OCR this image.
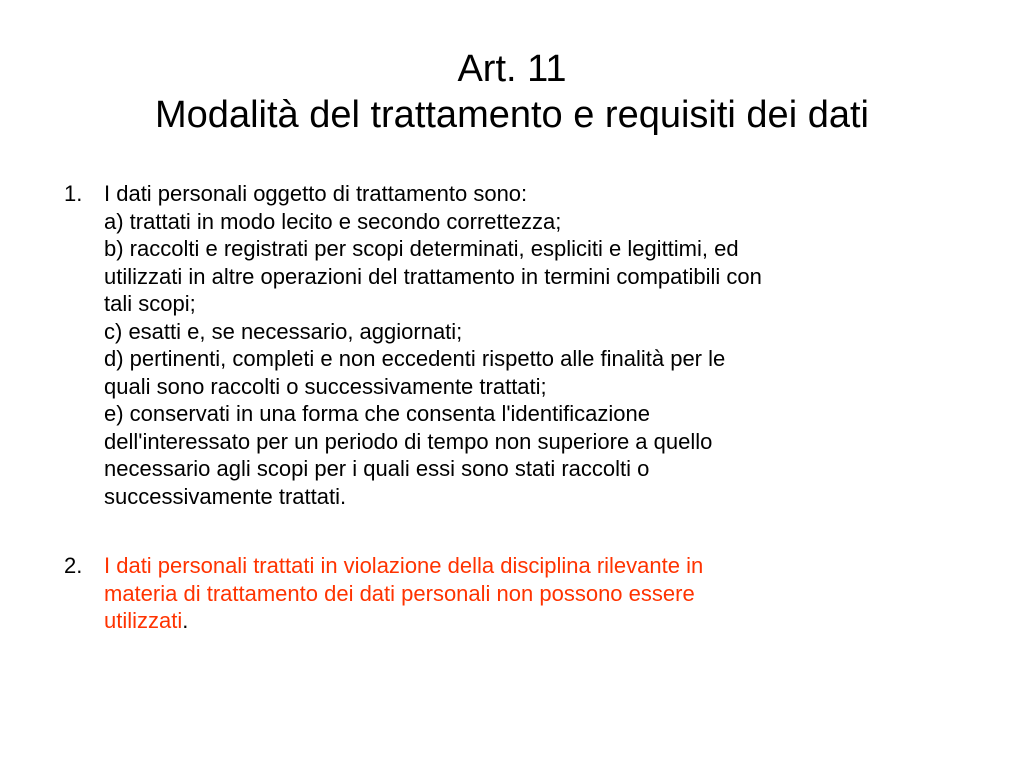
Art. 11
Modalità del trattamento e requisiti dei dati
1. I dati personali oggetto di trattamento sono:
a) trattati in modo lecito e secondo correttezza;
b) raccolti e registrati per scopi determinati, espliciti e legittimi, ed
utilizzati in altre operazioni del trattamento in termini compatibili con
tali scopi;
c) esatti e, se necessario, aggiornati;
d) pertinenti, completi e non eccedenti rispetto alle finalità per le
quali sono raccolti o successivamente trattati;
e) conservati in una forma che consenta l'identificazione
dell'interessato per un periodo di tempo non superiore a quello
necessario agli scopi per i quali essi sono stati raccolti o
successivamente trattati.
2. I dati personali trattati in violazione della disciplina rilevante in
materia di trattamento dei dati personali non possono essere
utilizzati.
